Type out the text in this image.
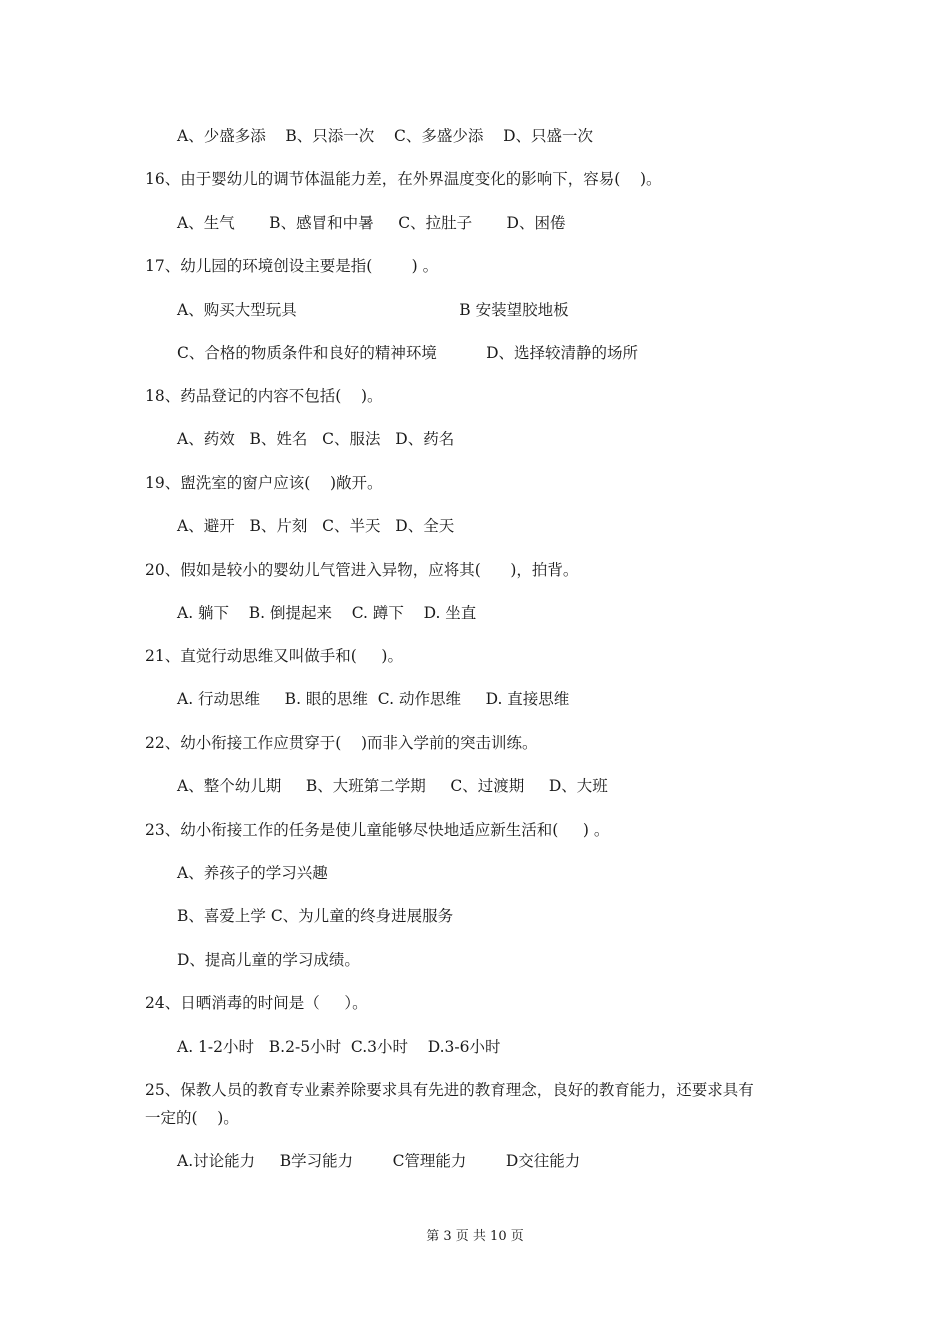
A、少盛多添    B、只添一次    C、多盛少添    D、只盛一次
16、由于婴幼儿的调节体温能力差，在外界温度变化的影响下，容易(    )。
A、生气       B、感冒和中暑     C、拉肚子       D、困倦
17、幼儿园的环境创设主要是指(        ) 。
A、购买大型玩具                                 B 安装望胶地板
C、合格的物质条件和良好的精神环境          D、选择较清静的场所
18、药品登记的内容不包括(    )。
A、药效   B、姓名   C、服法   D、药名
19、盥洗室的窗户应该(    )敞开。
A、避开   B、片刻   C、半天   D、全天
20、假如是较小的婴幼儿气管进入异物，应将其(      )，拍背。
A. 躺下    B. 倒提起来    C. 蹲下    D. 坐直
21、直觉行动思维又叫做手和(     )。
A. 行动思维     B. 眼的思维  C. 动作思维     D. 直接思维
22、幼小衔接工作应贯穿于(    )而非入学前的突击训练。
A、整个幼儿期     B、大班第二学期     C、过渡期     D、大班
23、幼小衔接工作的任务是使儿童能够尽快地适应新生活和(     ) 。
A、养孩子的学习兴趣
B、喜爱上学 C、为儿童的终身进展服务
D、提高儿童的学习成绩。
24、日晒消毒的时间是（     ）。
A. 1-2小时   B.2-5小时  C.3小时    D.3-6小时
25、保教人员的教育专业素养除要求具有先进的教育理念，良好的教育能力，还要求具有
一定的(    )。
A.讨论能力     B学习能力        C管理能力        D交往能力
第 3 页 共 10 页
